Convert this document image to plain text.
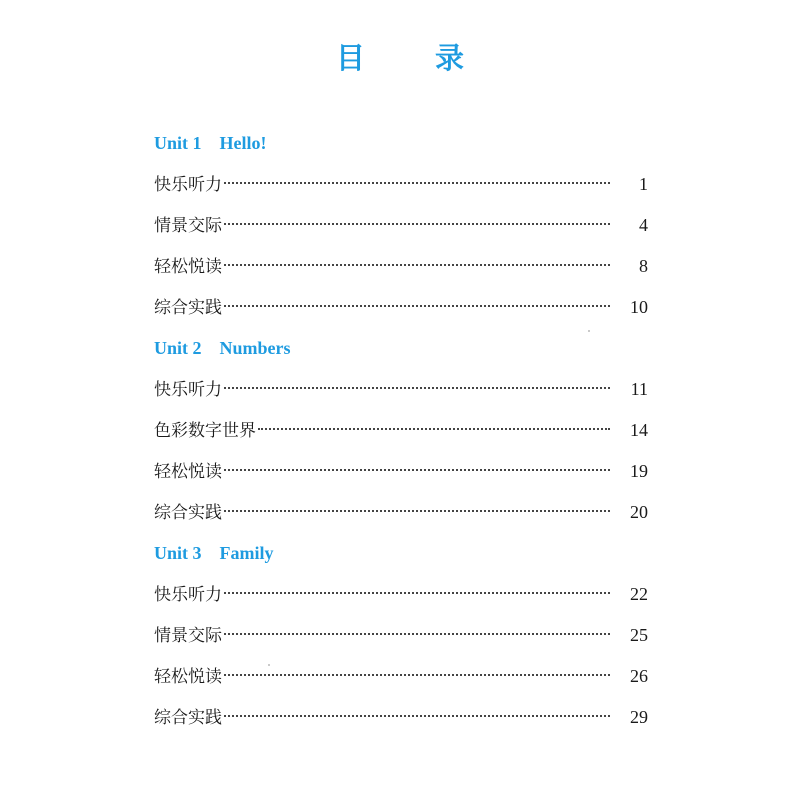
目 录
Unit 1    Hello!
快乐听力	1
情景交际	4
轻松悦读	8
综合实践	10
Unit 2    Numbers
快乐听力	11
色彩数字世界	14
轻松悦读	19
综合实践	20
Unit 3    Family
快乐听力	22
情景交际	25
轻松悦读	26
综合实践	29
